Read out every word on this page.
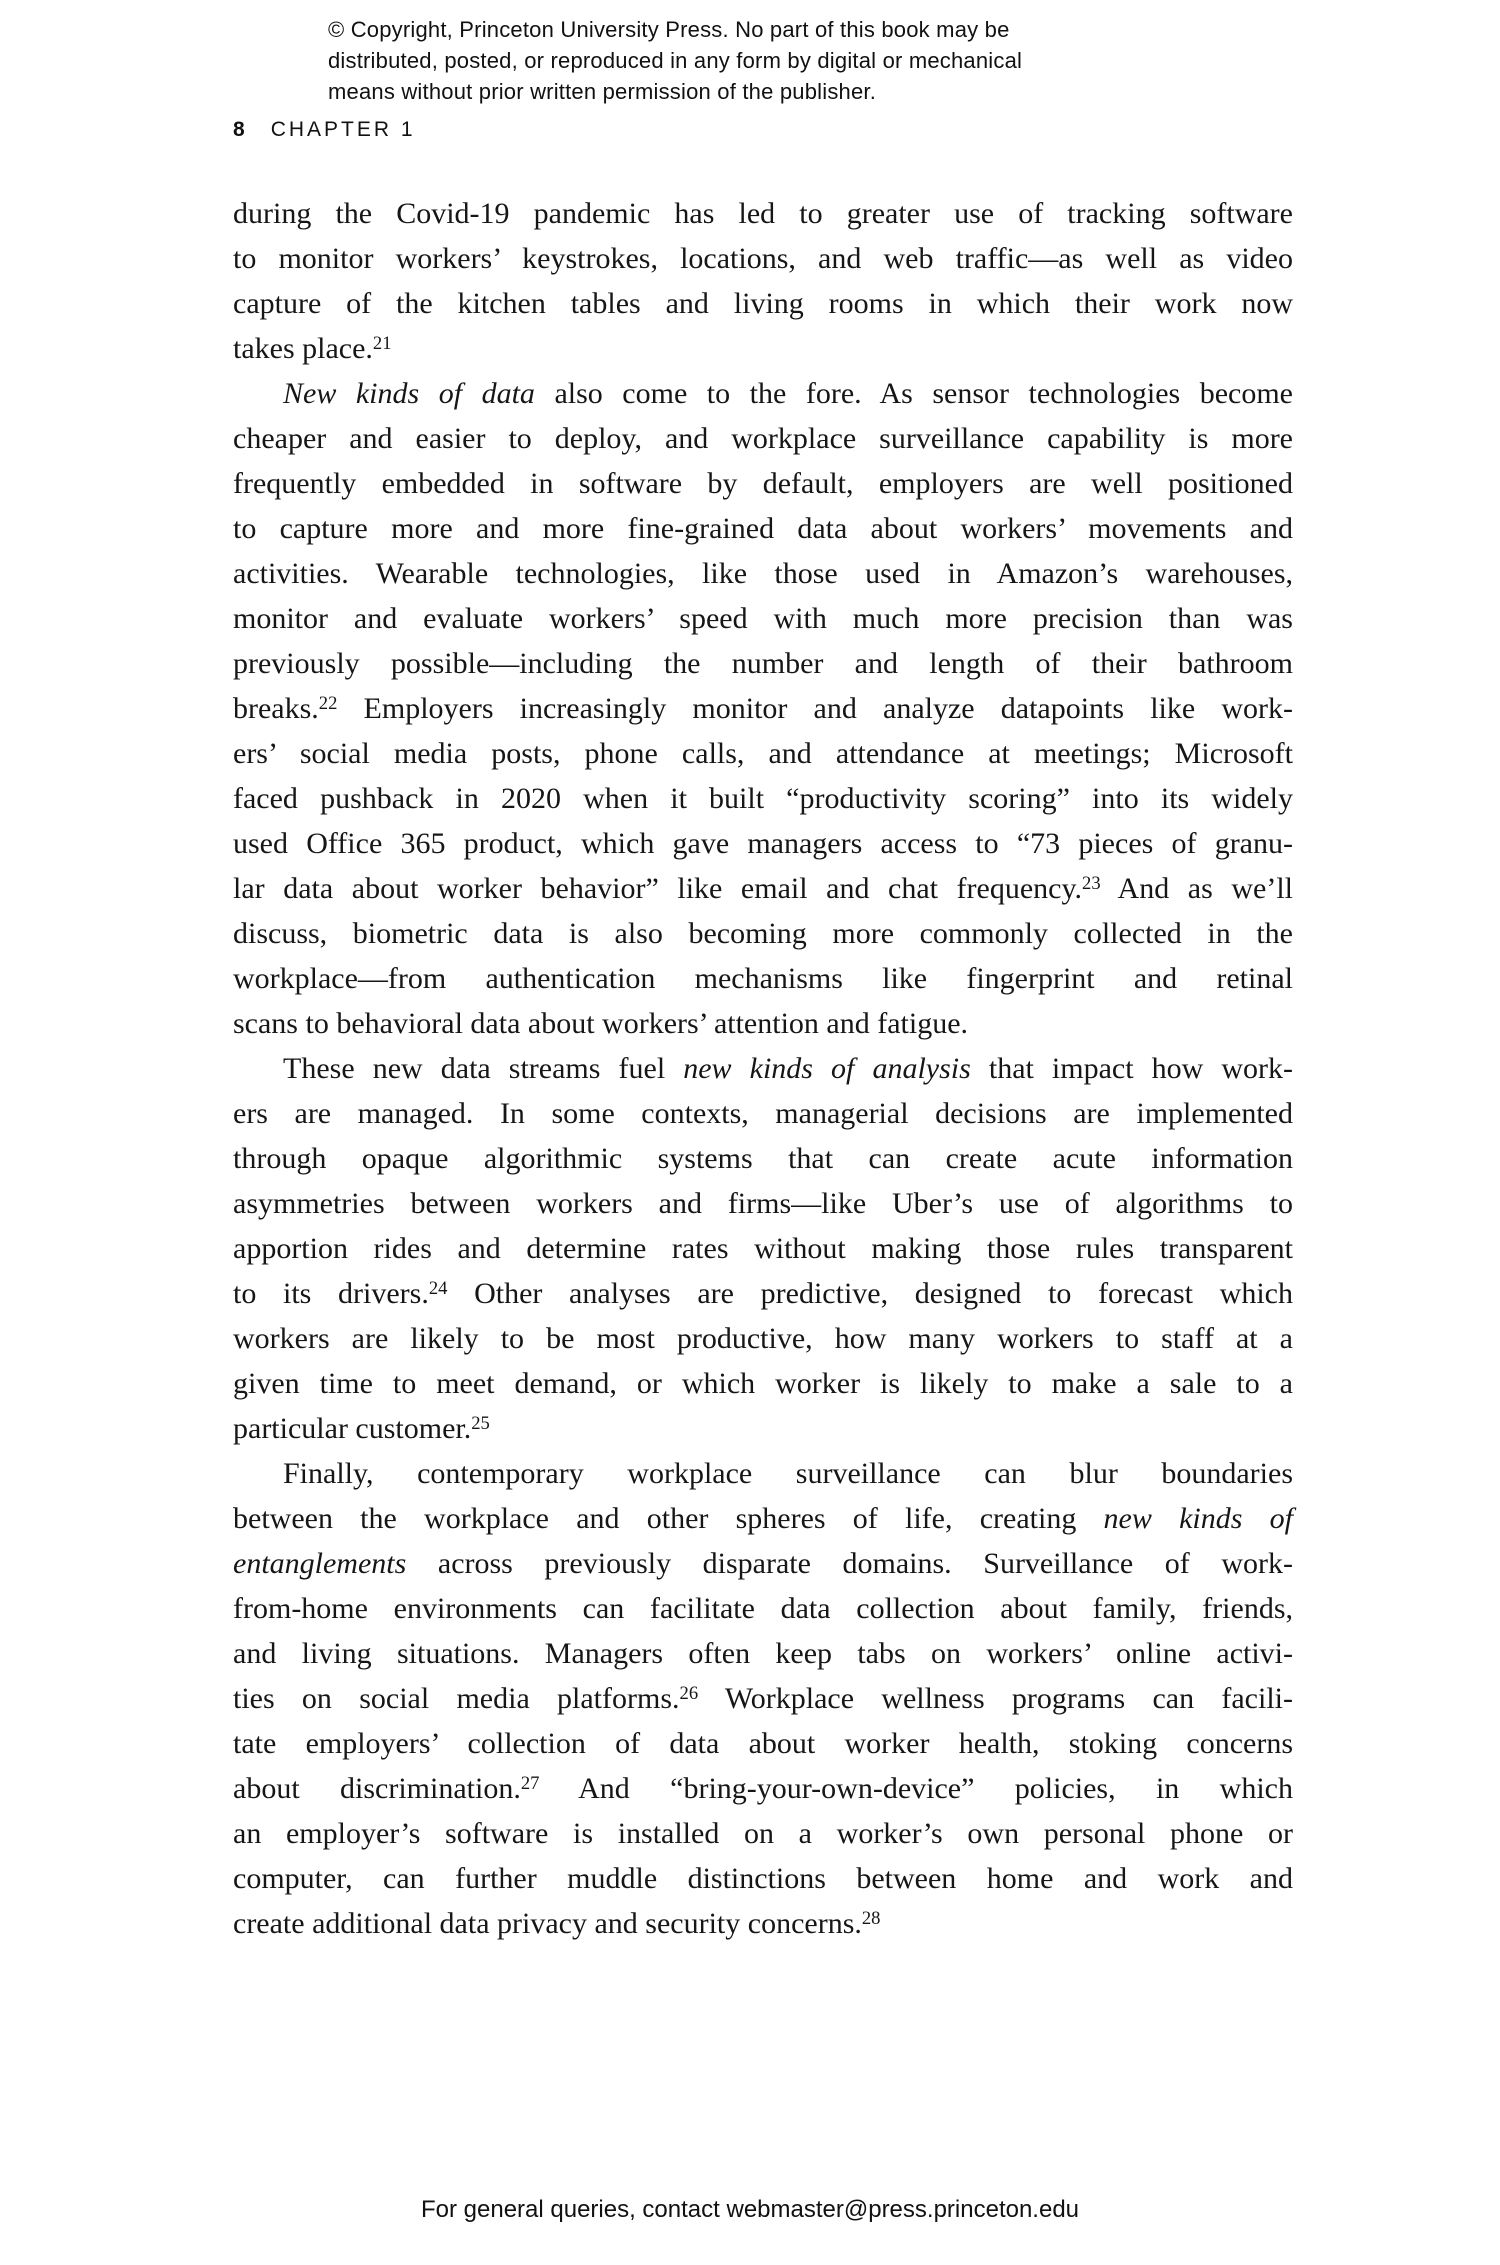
© Copyright, Princeton University Press. No part of this book may be
distributed, posted, or reproduced in any form by digital or mechanical
means without prior written permission of the publisher.
8 CHAPTER 1
during the Covid-19 pandemic has led to greater use of tracking software
to monitor workers’ keystrokes, locations, and web traffic—as well as video
capture of the kitchen tables and living rooms in which their work now
takes place.$^{21}$
New kinds of data also come to the fore. As sensor technologies become
cheaper and easier to deploy, and workplace surveillance capability is more
frequently embedded in software by default, employers are well positioned
to capture more and more fine-grained data about workers’ movements and
activities. Wearable technologies, like those used in Amazon’s warehouses,
monitor and evaluate workers’ speed with much more precision than was
previously possible—including the number and length of their bathroom
breaks.$^{22}$ Employers increasingly monitor and analyze datapoints like work-
ers’ social media posts, phone calls, and attendance at meetings; Microsoft
faced pushback in 2020 when it built “productivity scoring” into its widely
used Office 365 product, which gave managers access to “73 pieces of granu-
lar data about worker behavior” like email and chat frequency.$^{23}$ And as we’ll
discuss, biometric data is also becoming more commonly collected in the
workplace—from authentication mechanisms like fingerprint and retinal
scans to behavioral data about workers’ attention and fatigue.
These new data streams fuel new kinds of analysis that impact how work-
ers are managed. In some contexts, managerial decisions are implemented
through opaque algorithmic systems that can create acute information
asymmetries between workers and firms—like Uber’s use of algorithms to
apportion rides and determine rates without making those rules transparent
to its drivers.$^{24}$ Other analyses are predictive, designed to forecast which
workers are likely to be most productive, how many workers to staff at a
given time to meet demand, or which worker is likely to make a sale to a
particular customer.$^{25}$
Finally, contemporary workplace surveillance can blur boundaries
between the workplace and other spheres of life, creating new kinds of
entanglements across previously disparate domains. Surveillance of work-
from-home environments can facilitate data collection about family, friends,
and living situations. Managers often keep tabs on workers’ online activi-
ties on social media platforms.$^{26}$ Workplace wellness programs can facili-
tate employers’ collection of data about worker health, stoking concerns
about discrimination.$^{27}$ And “bring-your-own-device” policies, in which
an employer’s software is installed on a worker’s own personal phone or
computer, can further muddle distinctions between home and work and
create additional data privacy and security concerns.$^{28}$
For general queries, contact webmaster@press.princeton.edu
